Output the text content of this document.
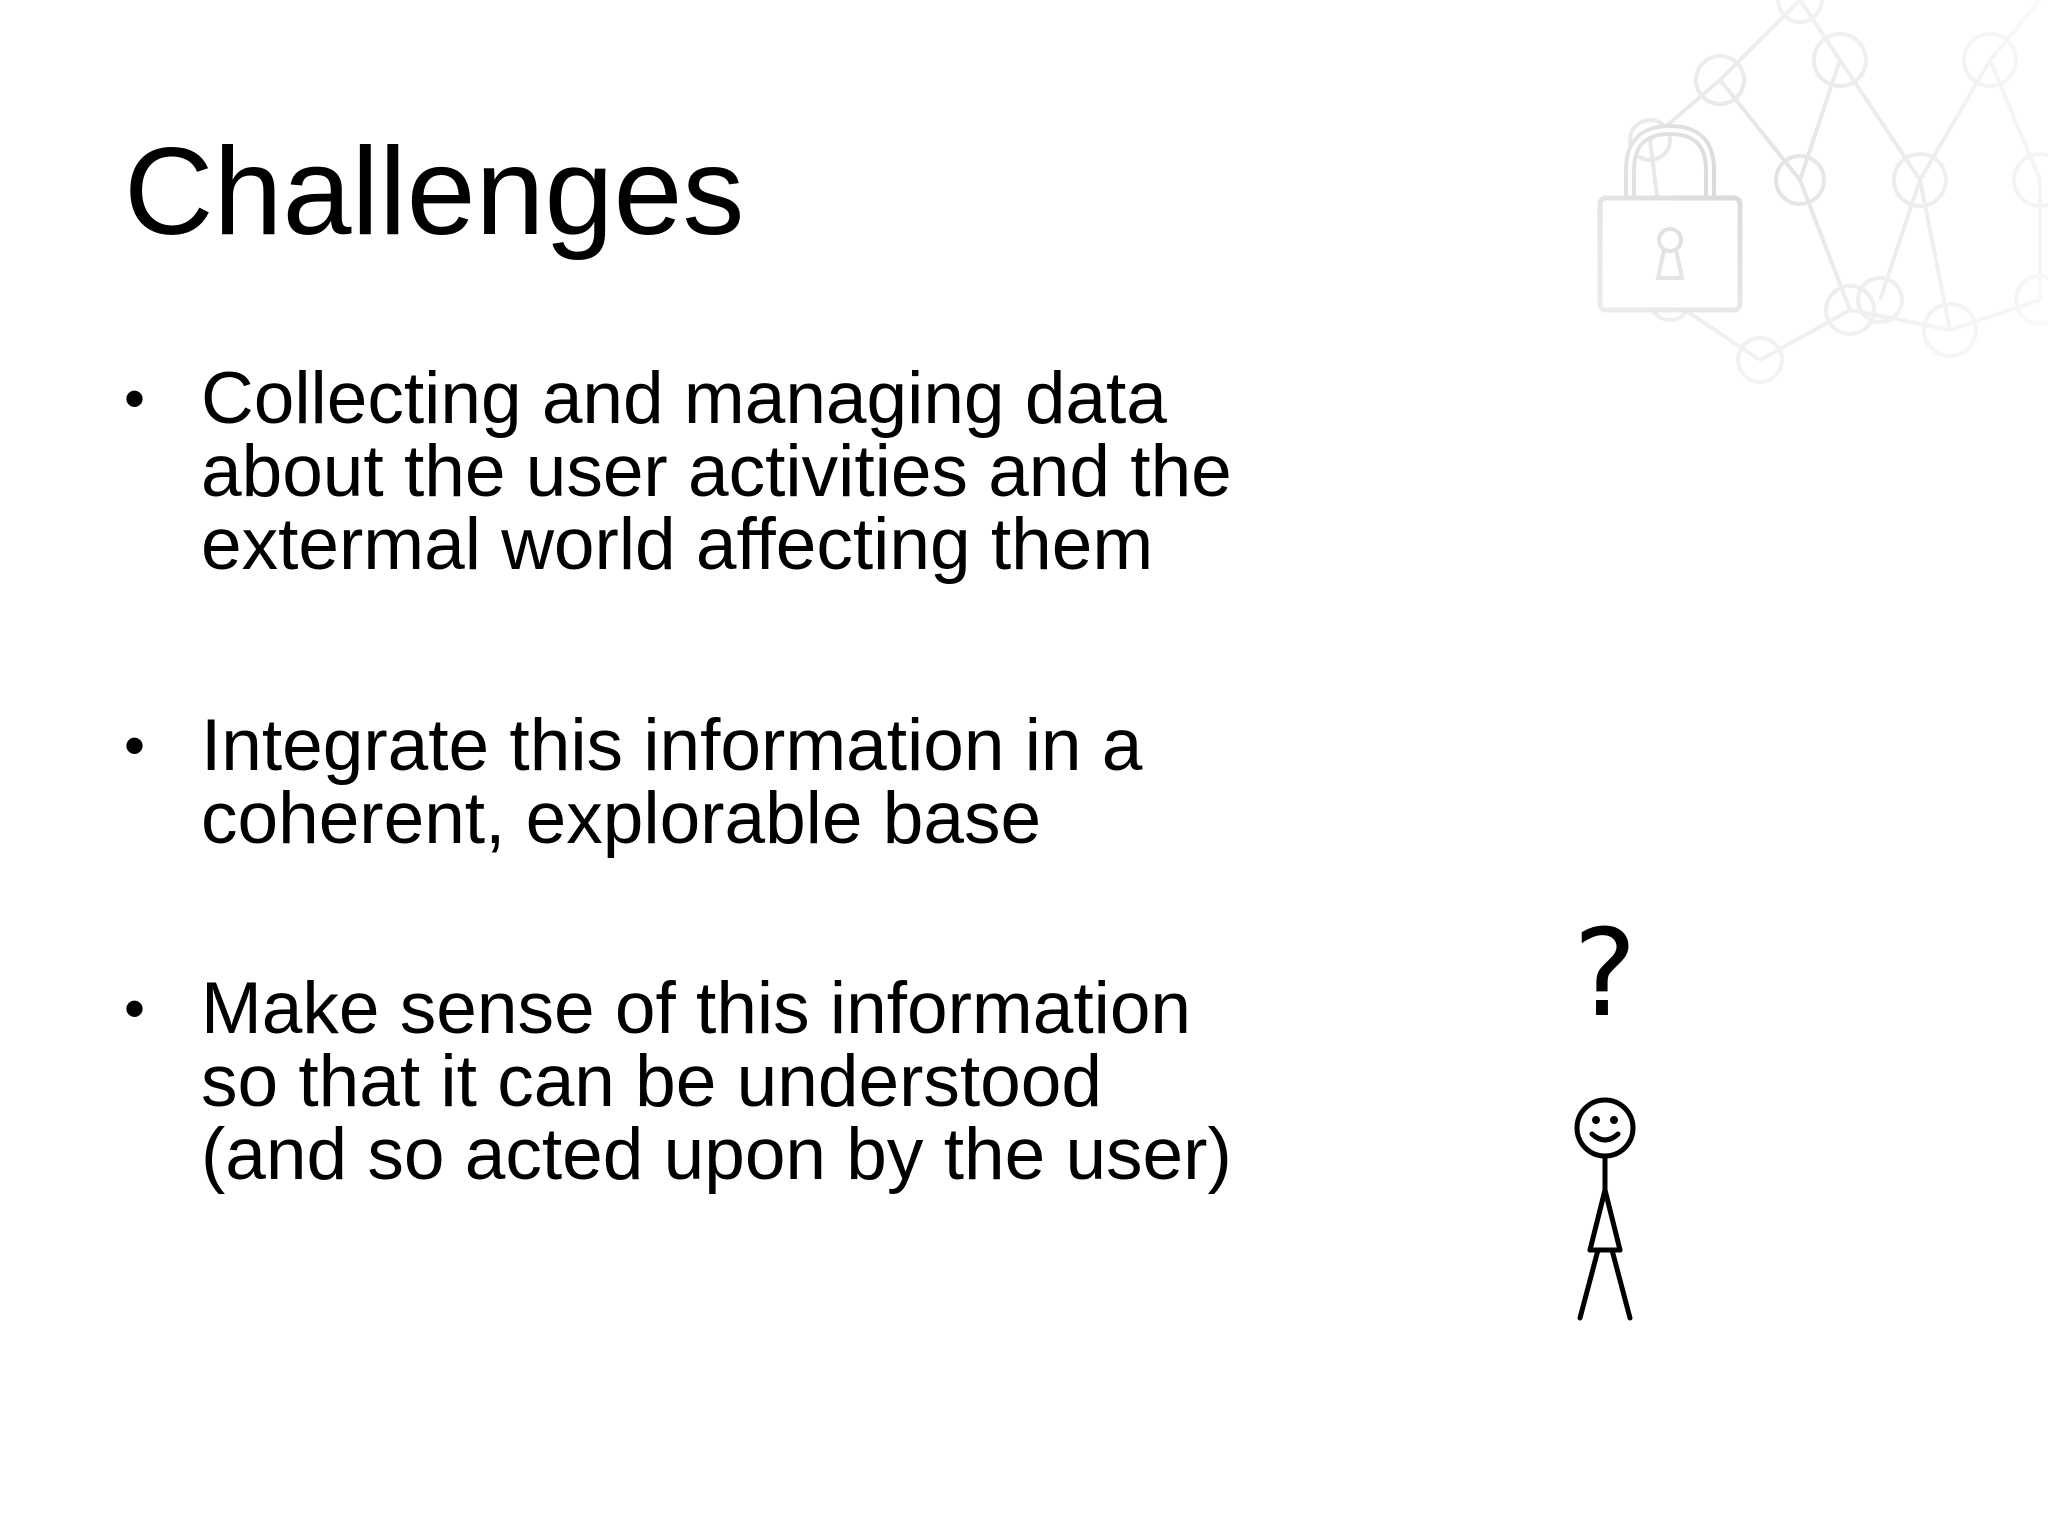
Challenges
• Collecting and managing data about the user activities and the extermal world affecting them
• Integrate this information in a coherent, explorable base
• Make sense of this information so that it can be understood (and so acted upon by the user)
?
